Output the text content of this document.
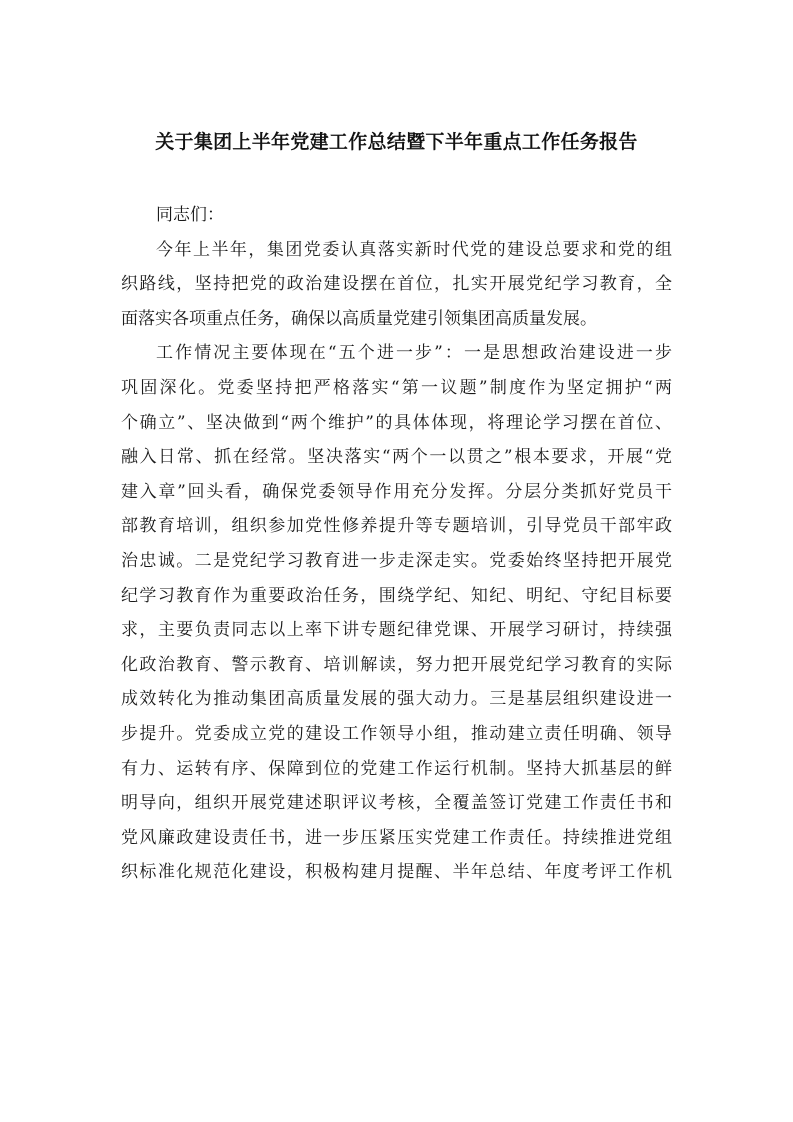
关于集团上半年党建工作总结暨下半年重点工作任务报告
同志们：
今年上半年，集团党委认真落实新时代党的建设总要求和党的组
织路线，坚持把党的政治建设摆在首位，扎实开展党纪学习教育，全
面落实各项重点任务，确保以高质量党建引领集团高质量发展。
工作情况主要体现在“五个进一步”：一是思想政治建设进一步
巩固深化。党委坚持把严格落实“第一议题”制度作为坚定拥护“两
个确立”、坚决做到“两个维护”的具体体现，将理论学习摆在首位、
融入日常、抓在经常。坚决落实“两个一以贯之”根本要求，开展“党
建入章”回头看，确保党委领导作用充分发挥。分层分类抓好党员干
部教育培训，组织参加党性修养提升等专题培训，引导党员干部牢政
治忠诚。二是党纪学习教育进一步走深走实。党委始终坚持把开展党
纪学习教育作为重要政治任务，围绕学纪、知纪、明纪、守纪目标要
求，主要负责同志以上率下讲专题纪律党课、开展学习研讨，持续强
化政治教育、警示教育、培训解读，努力把开展党纪学习教育的实际
成效转化为推动集团高质量发展的强大动力。三是基层组织建设进一
步提升。党委成立党的建设工作领导小组，推动建立责任明确、领导
有力、运转有序、保障到位的党建工作运行机制。坚持大抓基层的鲜
明导向，组织开展党建述职评议考核，全覆盖签订党建工作责任书和
党风廉政建设责任书，进一步压紧压实党建工作责任。持续推进党组
织标准化规范化建设，积极构建月提醒、半年总结、年度考评工作机
